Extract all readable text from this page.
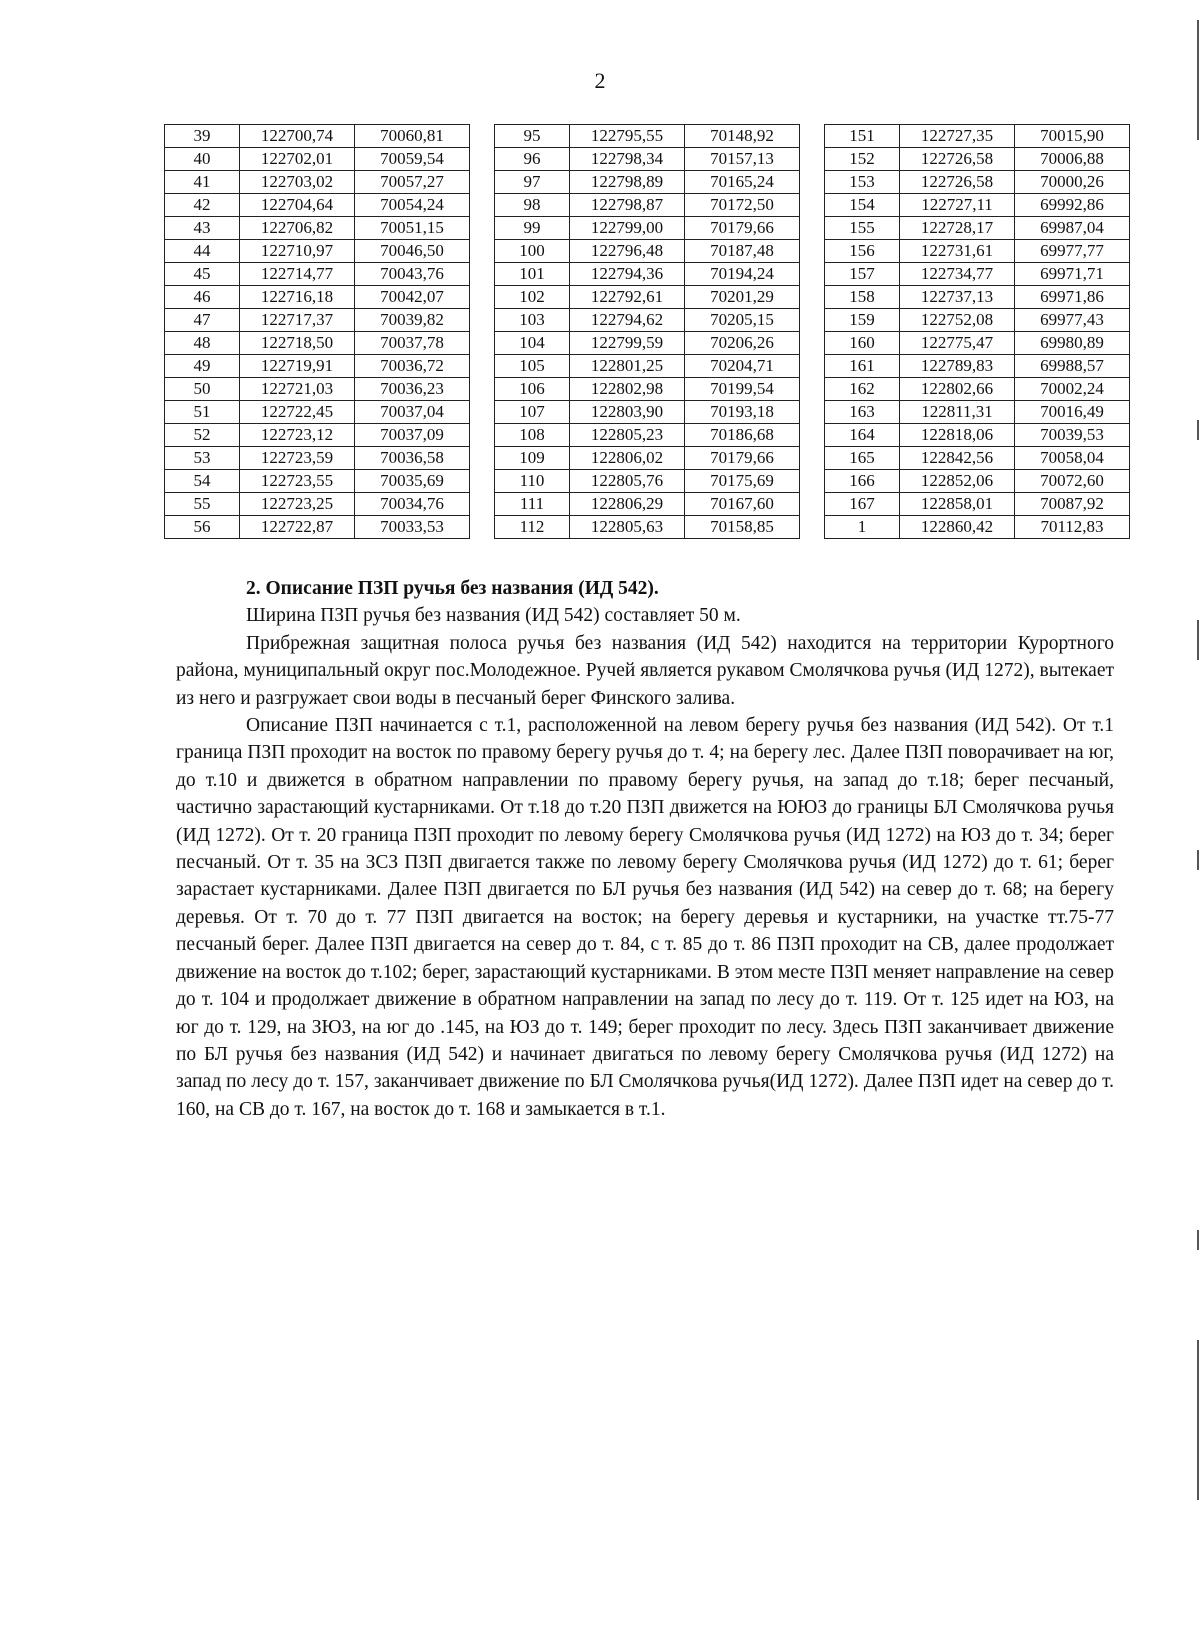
2
39	122700,74	70060,81
40	122702,01	70059,54
41	122703,02	70057,27
42	122704,64	70054,24
43	122706,82	70051,15
44	122710,97	70046,50
45	122714,77	70043,76
46	122716,18	70042,07
47	122717,37	70039,82
48	122718,50	70037,78
49	122719,91	70036,72
50	122721,03	70036,23
51	122722,45	70037,04
52	122723,12	70037,09
53	122723,59	70036,58
54	122723,55	70035,69
55	122723,25	70034,76
56	122722,87	70033,53
95	122795,55	70148,92
96	122798,34	70157,13
97	122798,89	70165,24
98	122798,87	70172,50
99	122799,00	70179,66
100	122796,48	70187,48
101	122794,36	70194,24
102	122792,61	70201,29
103	122794,62	70205,15
104	122799,59	70206,26
105	122801,25	70204,71
106	122802,98	70199,54
107	122803,90	70193,18
108	122805,23	70186,68
109	122806,02	70179,66
110	122805,76	70175,69
111	122806,29	70167,60
112	122805,63	70158,85
151	122727,35	70015,90
152	122726,58	70006,88
153	122726,58	70000,26
154	122727,11	69992,86
155	122728,17	69987,04
156	122731,61	69977,77
157	122734,77	69971,71
158	122737,13	69971,86
159	122752,08	69977,43
160	122775,47	69980,89
161	122789,83	69988,57
162	122802,66	70002,24
163	122811,31	70016,49
164	122818,06	70039,53
165	122842,56	70058,04
166	122852,06	70072,60
167	122858,01	70087,92
1	122860,42	70112,83
2. Описание ПЗП ручья без названия (ИД 542).

Ширина ПЗП ручья без названия (ИД 542) составляет 50 м.

Прибрежная защитная полоса ручья без названия (ИД 542) находится на территории Курортного района, муниципальный округ пос.Молодежное. Ручей является рукавом Смолячкова ручья (ИД 1272), вытекает из него и разгружает свои воды в песчаный берег Финского залива.

Описание ПЗП начинается с т.1, расположенной на левом берегу ручья без названия (ИД 542). От т.1 граница ПЗП проходит на восток по правому берегу ручья до т. 4; на берегу лес. Далее ПЗП поворачивает на юг, до т.10 и движется в обратном направлении по правому берегу ручья, на запад до т.18; берег песчаный, частично зарастающий кустарниками. От т.18 до т.20 ПЗП движется на ЮЮЗ до границы БЛ Смолячкова ручья (ИД 1272). От т. 20 граница ПЗП проходит по левому берегу Смолячкова ручья (ИД 1272) на ЮЗ до т. 34; берег песчаный. От т. 35 на ЗСЗ ПЗП двигается также по левому берегу Смолячкова ручья (ИД 1272) до т. 61; берег зарастает кустарниками. Далее ПЗП двигается по БЛ ручья без названия (ИД 542) на север до т. 68; на берегу деревья. От т. 70 до т. 77 ПЗП двигается на восток; на берегу деревья и кустарники, на участке тт.75-77 песчаный берег. Далее ПЗП двигается на север до т. 84, с т. 85 до т. 86 ПЗП проходит на СВ, далее продолжает движение на восток до т.102; берег, зарастающий кустарниками. В этом месте ПЗП меняет направление на север до т. 104 и продолжает движение в обратном направлении на запад по лесу до т. 119. От т. 125 идет на ЮЗ, на юг до т. 129, на ЗЮЗ, на юг до .145, на ЮЗ до т. 149; берег проходит по лесу. Здесь ПЗП заканчивает движение по БЛ ручья без названия (ИД 542) и начинает двигаться по левому берегу Смолячкова ручья (ИД 1272) на запад по лесу до т. 157, заканчивает движение по БЛ Смолячкова ручья(ИД 1272). Далее ПЗП идет на север до т. 160, на СВ до т. 167, на восток до т. 168 и замыкается в т.1.
